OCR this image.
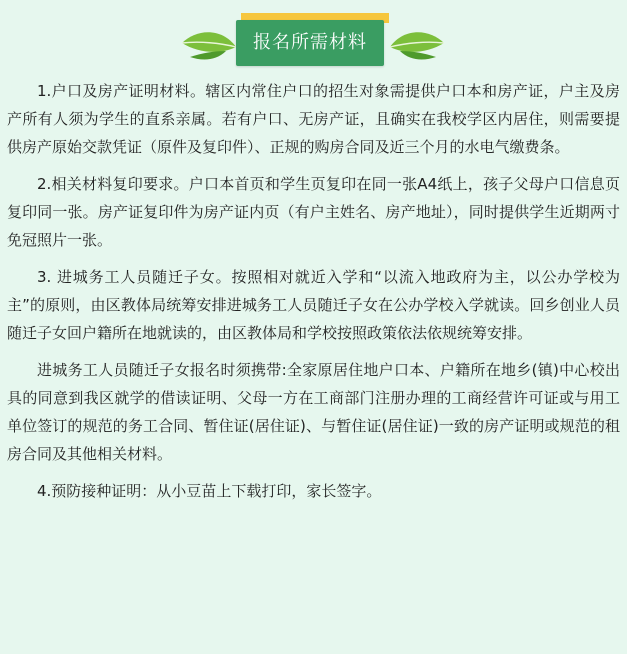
报名所需材料

1.户口及房产证明材料。辖区内常住户口的招生对象需提供户口本和房产证，户主及房产所有人须为学生的直系亲属。若有户口、无房产证，且确实在我校学区内居住，则需要提供房产原始交款凭证（原件及复印件）、正规的购房合同及近三个月的水电气缴费条。

2.相关材料复印要求。户口本首页和学生页复印在同一张A4纸上，孩子父母户口信息页复印同一张。房产证复印件为房产证内页（有户主姓名、房产地址），同时提供学生近期两寸免冠照片一张。

3. 进城务工人员随迁子女。按照相对就近入学和“以流入地政府为主，以公办学校为主”的原则，由区教体局统筹安排进城务工人员随迁子女在公办学校入学就读。回乡创业人员随迁子女回户籍所在地就读的，由区教体局和学校按照政策依法依规统筹安排。

进城务工人员随迁子女报名时须携带:全家原居住地户口本、户籍所在地乡(镇)中心校出具的同意到我区就学的借读证明、父母一方在工商部门注册办理的工商经营许可证或与用工单位签订的规范的务工合同、暂住证(居住证)、与暂住证(居住证)一致的房产证明或规范的租房合同及其他相关材料。

4.预防接种证明：从小豆苗上下载打印，家长签字。
